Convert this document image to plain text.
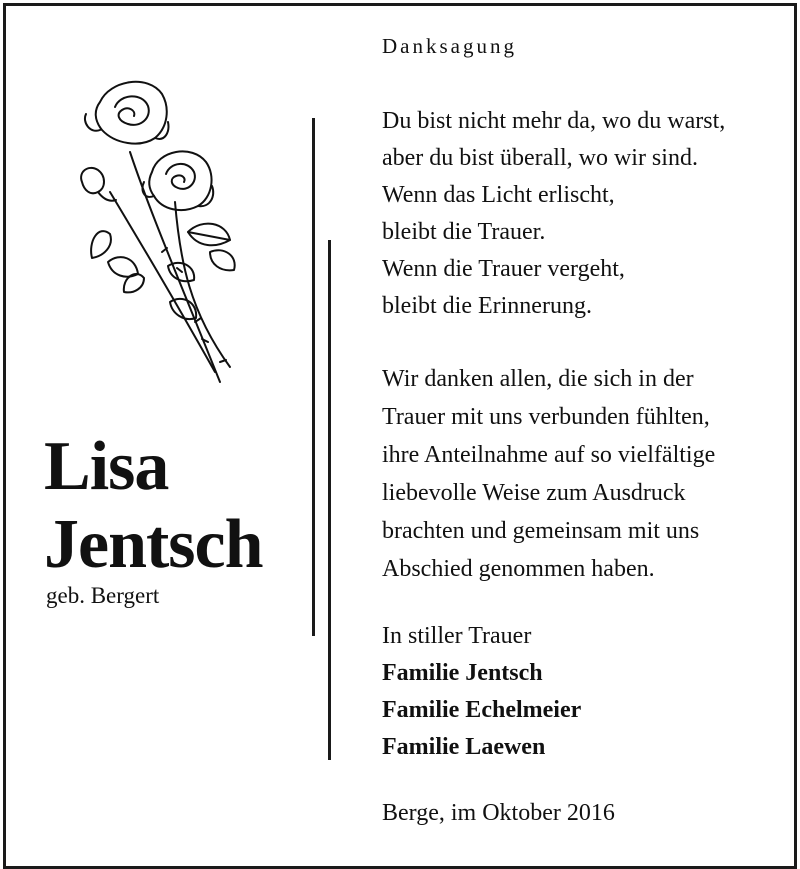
Lisa
Jentsch
geb. Bergert
Danksagung
Du bist nicht mehr da, wo du warst,
aber du bist überall, wo wir sind.
Wenn das Licht erlischt,
bleibt die Trauer.
Wenn die Trauer vergeht,
bleibt die Erinnerung.
Wir danken allen, die sich in der
Trauer mit uns verbunden fühlten,
ihre Anteilnahme auf so vielfältige
liebevolle Weise zum Ausdruck
brachten und gemeinsam mit uns
Abschied genommen haben.
In stiller Trauer
Familie Jentsch
Familie Echelmeier
Familie Laewen
Berge, im Oktober 2016
